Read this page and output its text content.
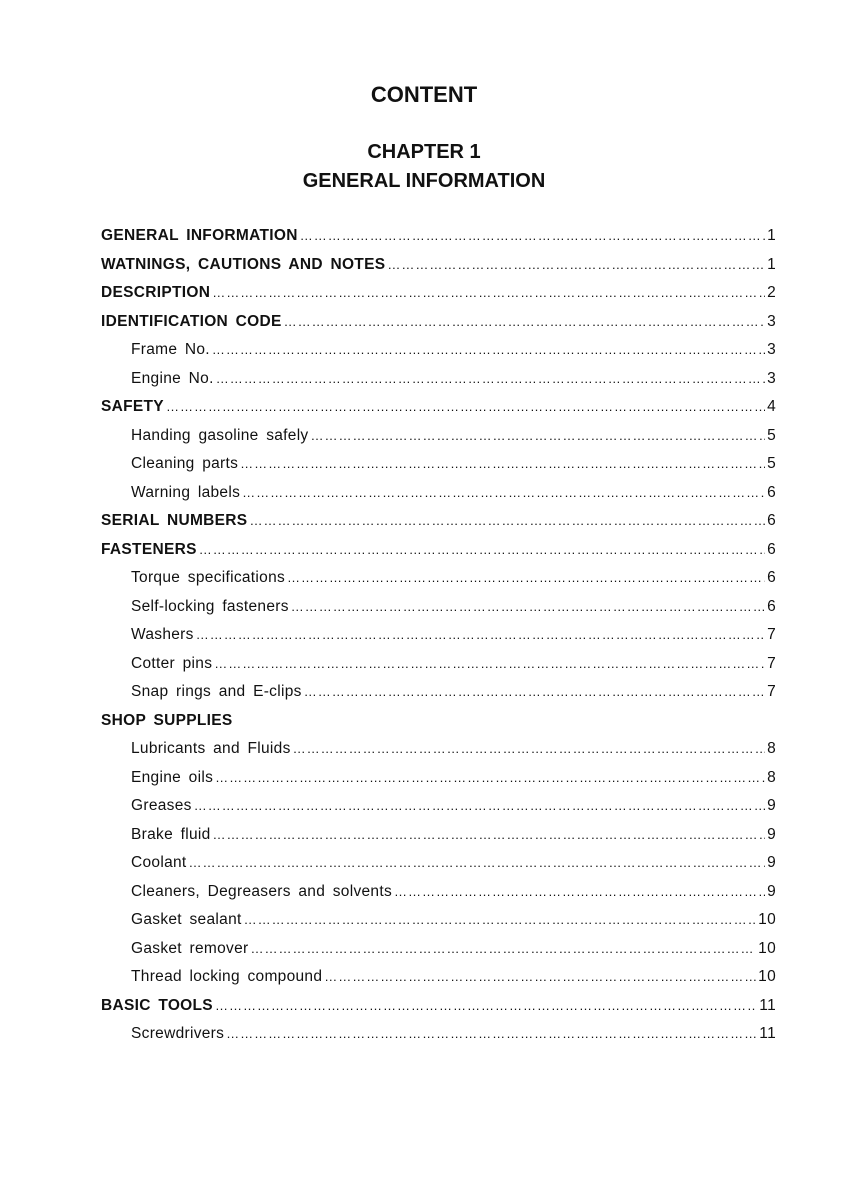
CONTENT
CHAPTER 1
GENERAL INFORMATION
GENERAL INFORMATION ……………………………………………………………………………………………………………………………………………	1
WATNINGS, CAUTIONS AND NOTES ……………………………………………………………………………………………………………………………………………	1
DESCRIPTION ……………………………………………………………………………………………………………………………………………	2
IDENTIFICATION CODE ……………………………………………………………………………………………………………………………………………	3
Frame No. ……………………………………………………………………………………………………………………………………………	3
Engine No. ……………………………………………………………………………………………………………………………………………	3
SAFETY ……………………………………………………………………………………………………………………………………………	4
Handing gasoline safely ……………………………………………………………………………………………………………………………………………	5
Cleaning parts ……………………………………………………………………………………………………………………………………………	5
Warning labels ……………………………………………………………………………………………………………………………………………	6
SERIAL NUMBERS ……………………………………………………………………………………………………………………………………………	6
FASTENERS ……………………………………………………………………………………………………………………………………………	6
Torque specifications ……………………………………………………………………………………………………………………………………………	6
Self-locking fasteners ……………………………………………………………………………………………………………………………………………	6
Washers ……………………………………………………………………………………………………………………………………………	7
Cotter pins ……………………………………………………………………………………………………………………………………………	7
Snap rings and E-clips ……………………………………………………………………………………………………………………………………………	7
SHOP SUPPLIES
Lubricants and Fluids ……………………………………………………………………………………………………………………………………………	8
Engine oils ……………………………………………………………………………………………………………………………………………	8
Greases ……………………………………………………………………………………………………………………………………………	9
Brake fluid ……………………………………………………………………………………………………………………………………………	9
Coolant ……………………………………………………………………………………………………………………………………………	9
Cleaners, Degreasers and solvents ……………………………………………………………………………………………………………………………………………	9
Gasket sealant ……………………………………………………………………………………………………………………………………………	10
Gasket remover ……………………………………………………………………………………………………………………………………………	10
Thread locking compound ……………………………………………………………………………………………………………………………………………	10
BASIC TOOLS ……………………………………………………………………………………………………………………………………………	11
Screwdrivers ……………………………………………………………………………………………………………………………………………	11
